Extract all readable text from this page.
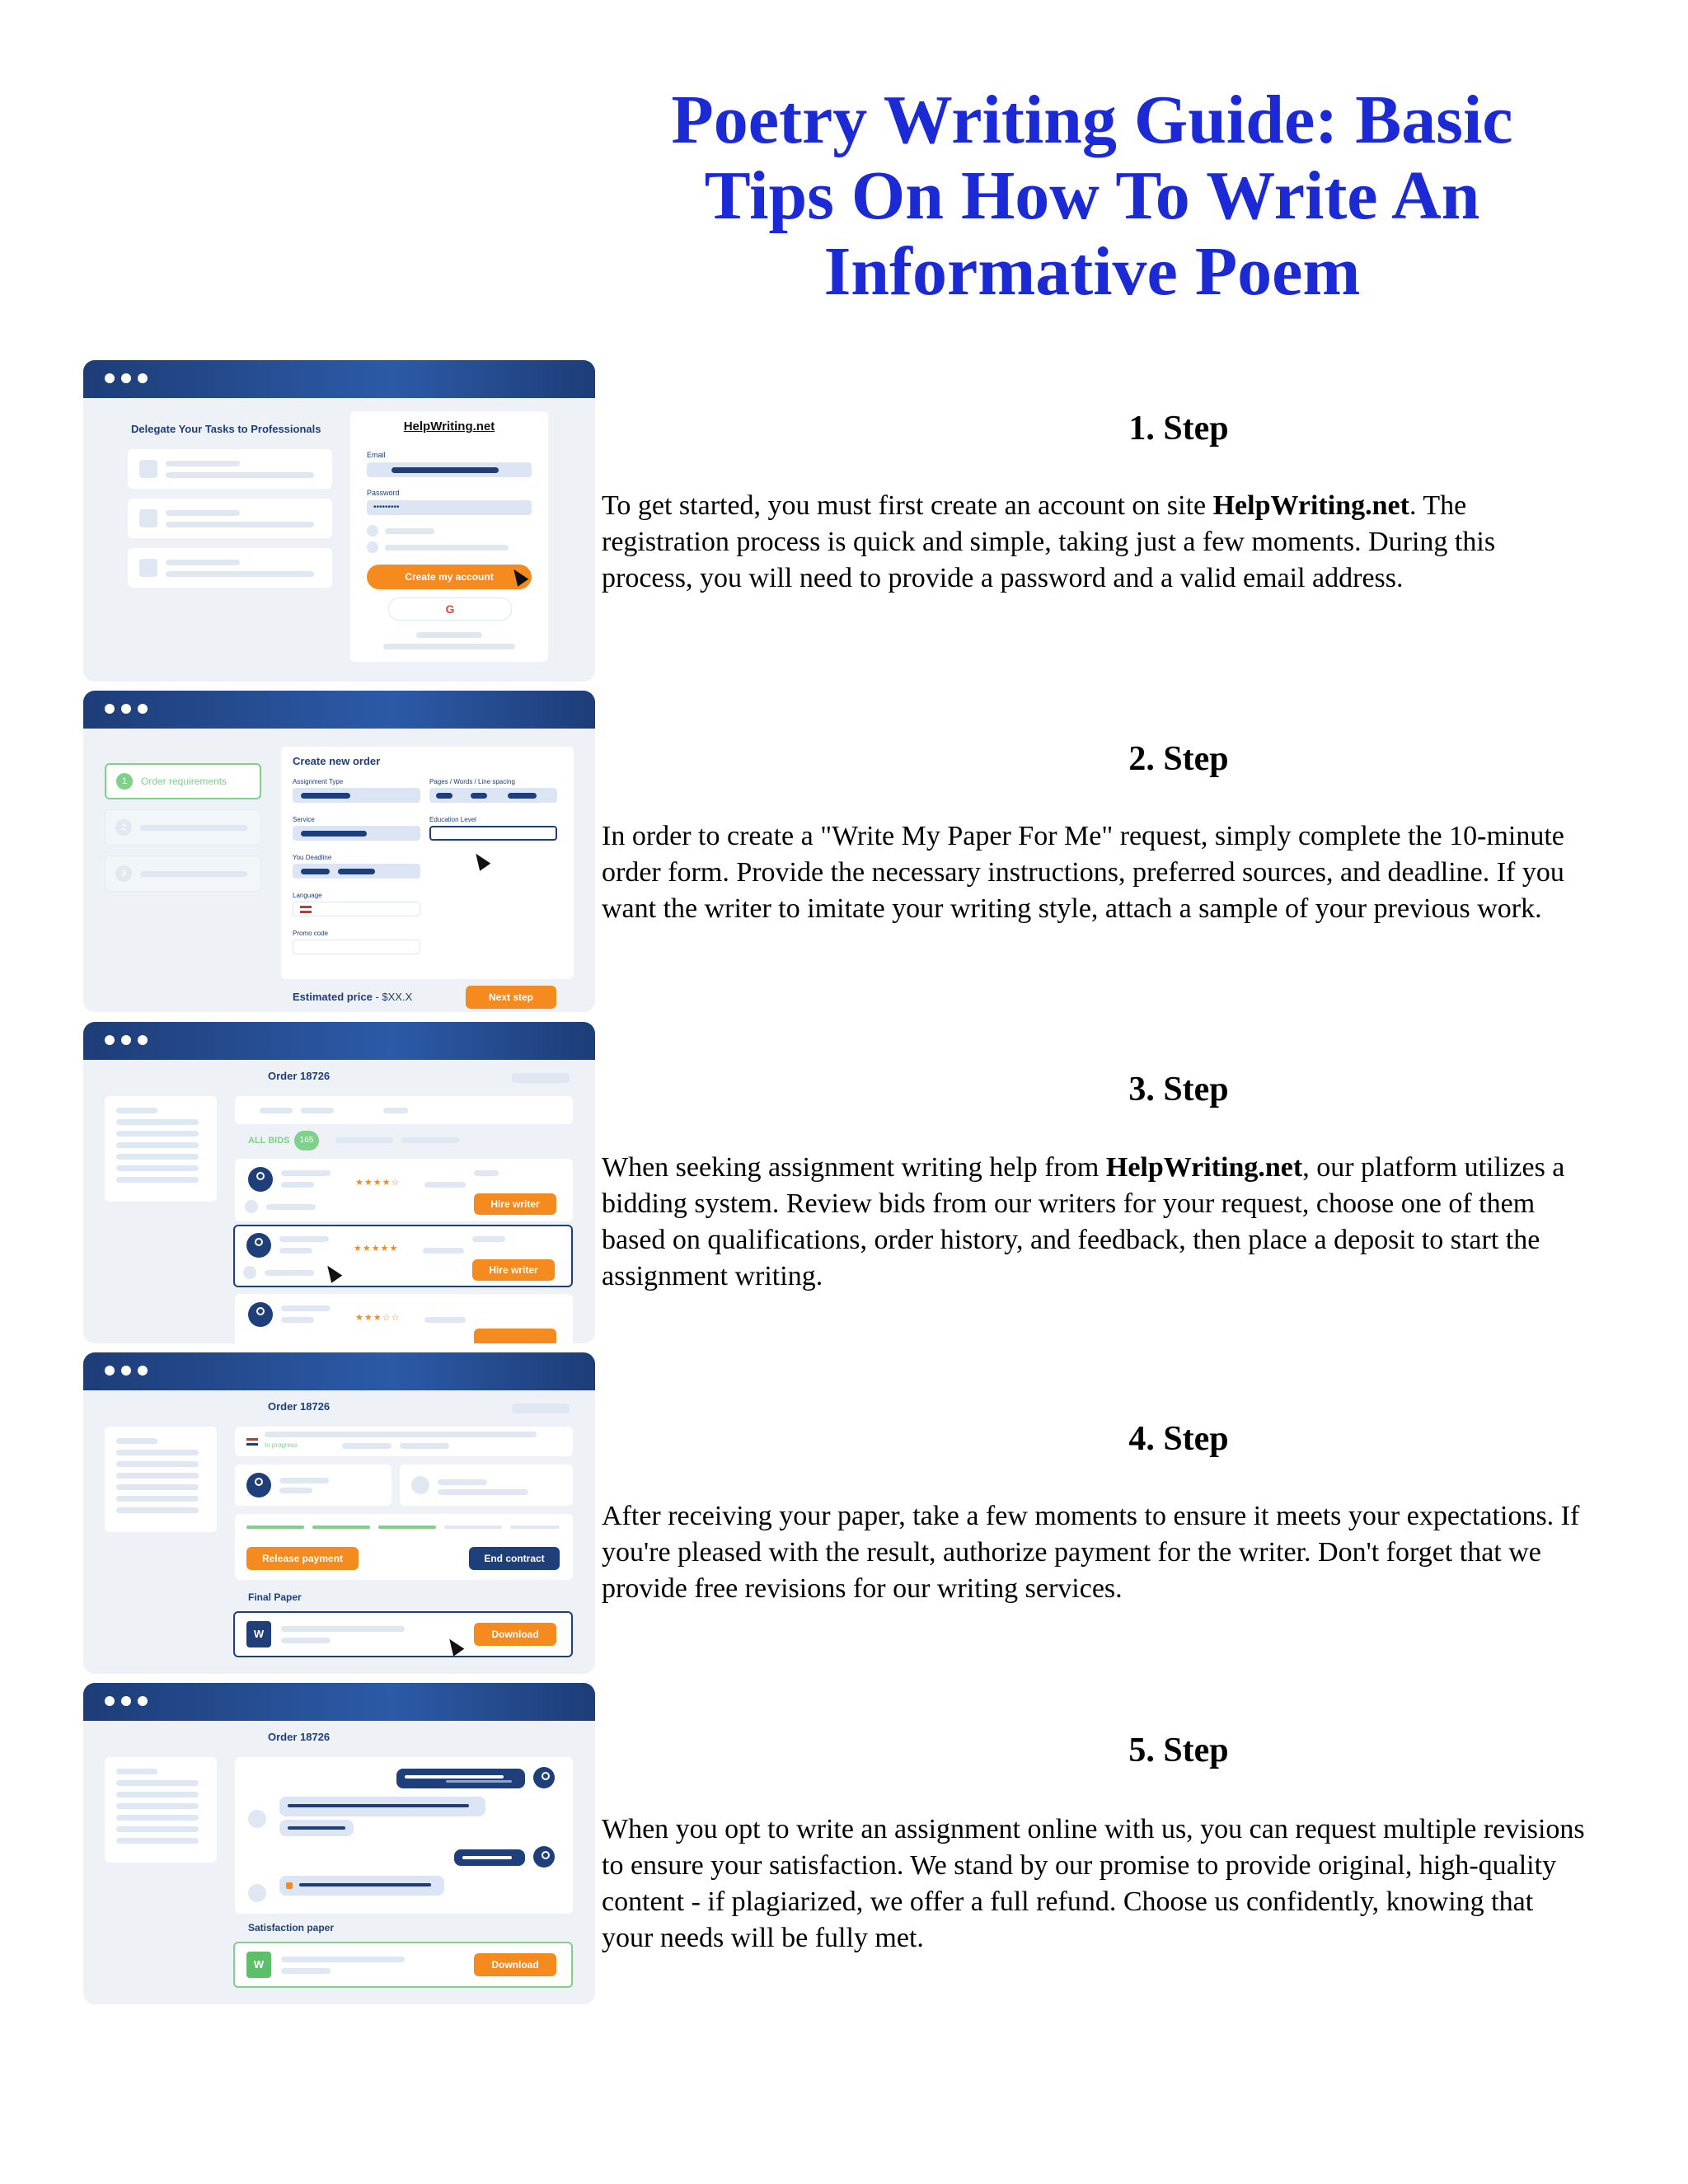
Poetry Writing Guide: Basic Tips On How To Write An Informative Poem
Delegate Your Tasks to Professionals	HelpWriting.net
Email
Password
•••••••••
Create my account
G
1	Order requirements
2
3
Create new order
Assignment Type	Pages / Words / Line spacing
Service	Education Level
You Deadline
Language
Promo code
Estimated price - $XX.X	Next step
Order 18726
ALL BIDS	165
★★★★☆
Hire writer
★★★★★
Hire writer
★★★☆☆
Order 18726
In progress
Release payment	End contract
Final Paper
W	Download
Order 18726
Satisfaction paper
W	Download
1. Step

To get started, you must first create an account on site HelpWriting.net. The registration process is quick and simple, taking just a few moments. During this process, you will need to provide a password and a valid email address.

2. Step

In order to create a "Write My Paper For Me" request, simply complete the 10-minute order form. Provide the necessary instructions, preferred sources, and deadline. If you want the writer to imitate your writing style, attach a sample of your previous work.

3. Step

When seeking assignment writing help from HelpWriting.net, our platform utilizes a bidding system. Review bids from our writers for your request, choose one of them based on qualifications, order history, and feedback, then place a deposit to start the assignment writing.

4. Step

After receiving your paper, take a few moments to ensure it meets your expectations. If you're pleased with the result, authorize payment for the writer. Don't forget that we provide free revisions for our writing services.

5. Step

When you opt to write an assignment online with us, you can request multiple revisions to ensure your satisfaction. We stand by our promise to provide original, high-quality content - if plagiarized, we offer a full refund. Choose us confidently, knowing that your needs will be fully met.
